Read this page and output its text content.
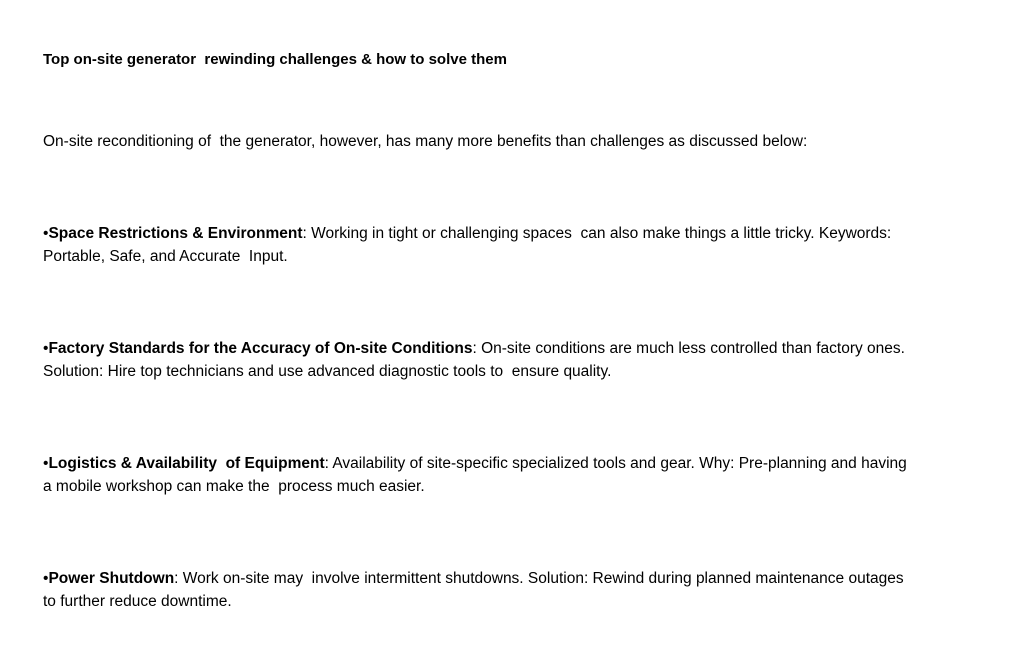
Top on-site generator  rewinding challenges & how to solve them

On-site reconditioning of  the generator, however, has many more benefits than challenges as discussed below:

•Space Restrictions & Environment: Working in tight or challenging spaces  can also make things a little tricky. Keywords: Portable, Safe, and Accurate  Input.

•Factory Standards for the Accuracy of On-site Conditions: On-site conditions are much less controlled than factory ones. Solution: Hire top technicians and use advanced diagnostic tools to  ensure quality.

•Logistics & Availability  of Equipment: Availability of site-specific specialized tools and gear. Why: Pre-planning and having a mobile workshop can make the  process much easier.

•Power Shutdown: Work on-site may  involve intermittent shutdowns. Solution: Rewind during planned maintenance outages to further reduce downtime.
